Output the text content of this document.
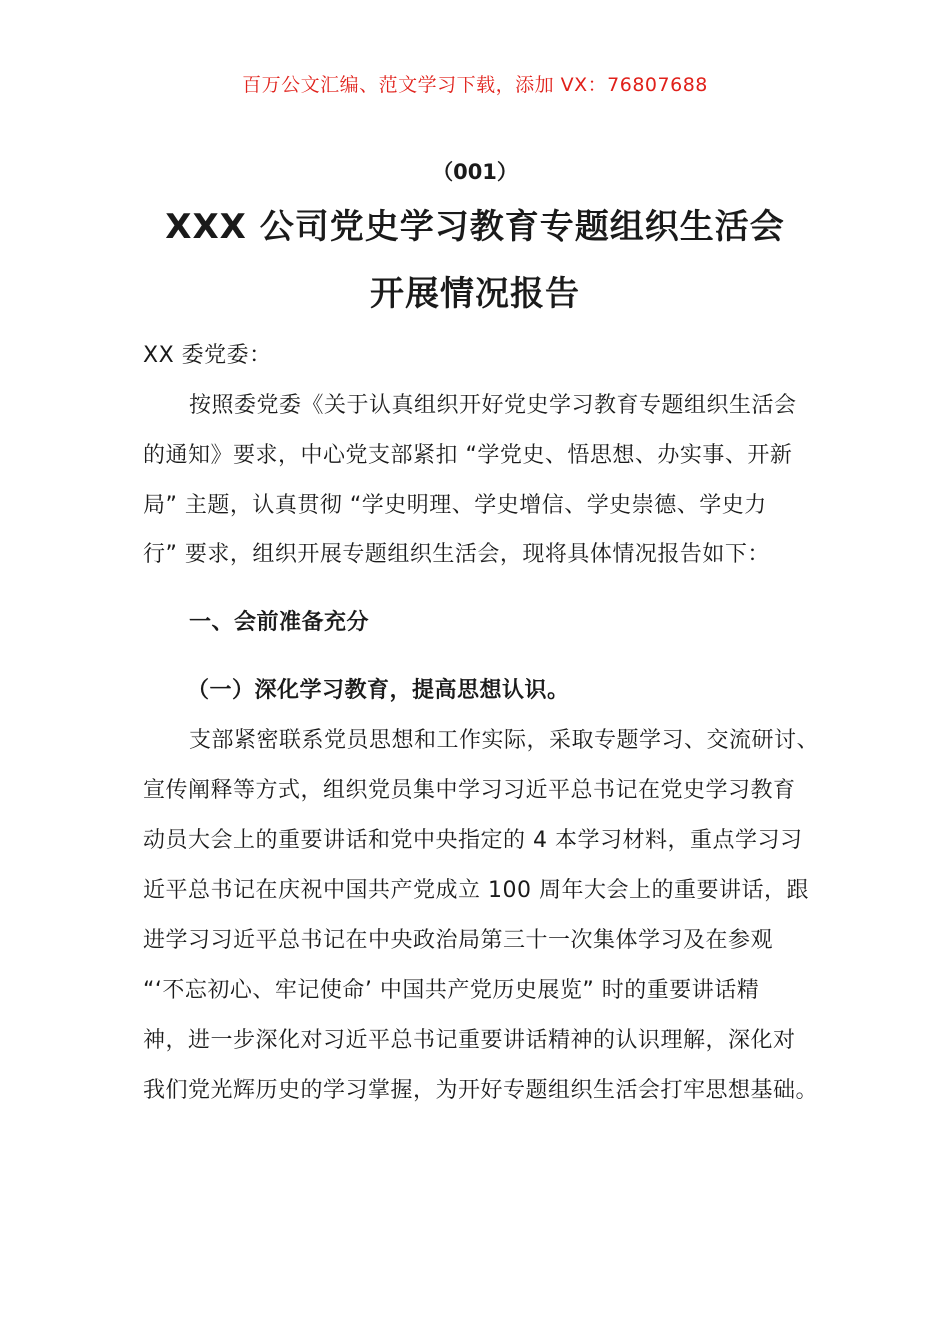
百万公文汇编、范文学习下载，添加 VX：76807688
（001）
XXX 公司党史学习教育专题组织生活会
开展情况报告
XX 委党委：
按照委党委《关于认真组织开好党史学习教育专题组织生活会
的通知》要求，中心党支部紧扣 “学党史、悟思想、办实事、开新
局” 主题，认真贯彻 “学史明理、学史增信、学史崇德、学史力
行” 要求，组织开展专题组织生活会，现将具体情况报告如下：
一、会前准备充分
（一）深化学习教育，提高思想认识。
支部紧密联系党员思想和工作实际，采取专题学习、交流研讨、
宣传阐释等方式，组织党员集中学习习近平总书记在党史学习教育
动员大会上的重要讲话和党中央指定的 4 本学习材料，重点学习习
近平总书记在庆祝中国共产党成立 100 周年大会上的重要讲话，跟
进学习习近平总书记在中央政治局第三十一次集体学习及在参观
“‘不忘初心、牢记使命’ 中国共产党历史展览” 时的重要讲话精
神，进一步深化对习近平总书记重要讲话精神的认识理解，深化对
我们党光辉历史的学习掌握，为开好专题组织生活会打牢思想基础。
